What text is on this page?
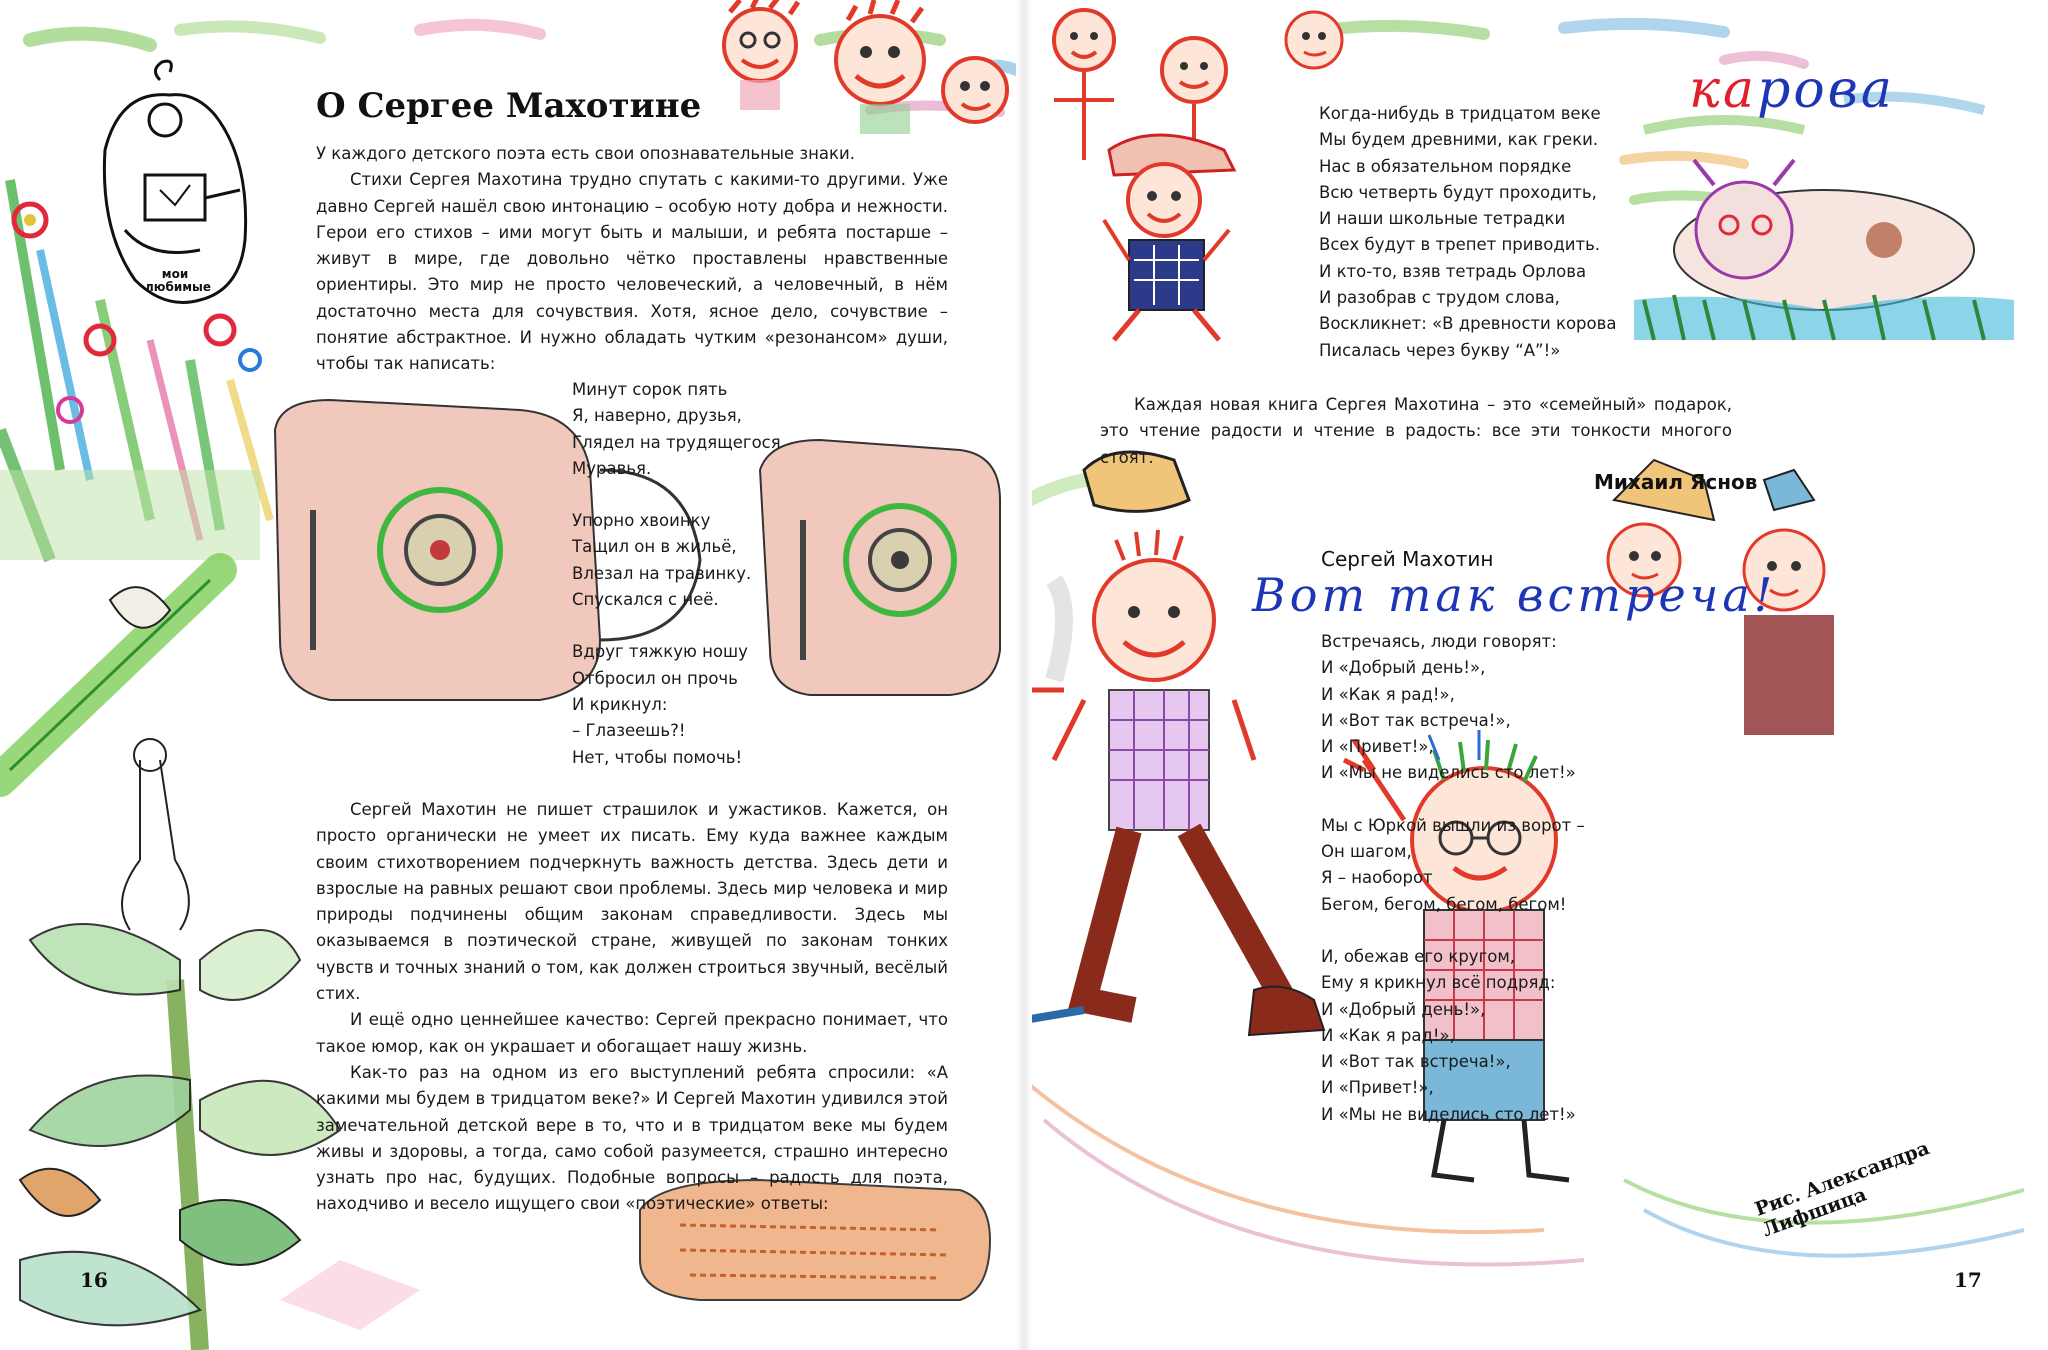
мои
любимые
О Сергее Махотине

У каждого детского поэта есть свои опознавательные знаки.

Стихи Сергея Махотина трудно спутать с какими-то другими. Уже давно Сергей нашёл свою интонацию – особую ноту добра и нежности. Герои его стихов – ими могут быть и малыши, и ребята постарше – живут в мире, где довольно чётко проставлены нравственные ориентиры. Это мир не просто человеческий, а человечный, в нём достаточно места для сочувствия. Хотя, ясное дело, сочувствие – понятие абстрактное. И нужно обладать чутким «резонансом» души, чтобы так написать:

Минут сорок пять
Я, наверно, друзья,
Глядел на трудящегося
Муравья.
Упорно хвоинку
Тащил он в жильё,
Влезал на травинку.
Спускался с неё.
Вдруг тяжкую ношу
Отбросил он прочь
И крикнул:
– Глазеешь?!
Нет, чтобы помочь!

Сергей Махотин не пишет страшилок и ужастиков. Кажется, он просто органически не умеет их писать. Ему куда важнее каждым своим стихотворением подчеркнуть важность детства. Здесь дети и взрослые на равных решают свои проблемы. Здесь мир человека и мир природы подчинены общим законам справедливости. Здесь мы оказываемся в поэтической стране, живущей по законам тонких чувств и точных знаний о том, как должен строиться звучный, весёлый стих.

И ещё одно ценнейшее качество: Сергей прекрасно понимает, что такое юмор, как он украшает и обогащает нашу жизнь.

Как-то раз на одном из его выступлений ребята спросили: «А какими мы будем в тридцатом веке?» И Сергей Махотин удивился этой замечательной детской вере в то, что и в тридцатом веке мы будем живы и здоровы, а тогда, само собой разумеется, страшно интересно узнать про нас, будущих. Подобные вопросы – радость для поэта, находчиво и весело ищущего свои «поэтические» ответы:

16
Когда-нибудь в тридцатом веке
Мы будем древними, как греки.
Нас в обязательном порядке
Всю четверть будут проходить,
И наши школьные тетрадки
Всех будут в трепет приводить.
И кто-то, взяв тетрадь Орлова
И разобрав с трудом слова,
Воскликнет: «В древности корова
Писалась через букву “А”!»
карова

Каждая новая книга Сергея Махотина – это «семейный» подарок, это чтение радости и чтение в радость: все эти тонкости многого стоят.

Михаил Яснов
Сергей Махотин
Вот так встреча!
Встречаясь, люди говорят:
И «Добрый день!»,
И «Как я рад!»,
И «Вот так встреча!»,
И «Привет!»,
И «Мы не виделись сто лет!»
Мы с Юркой вышли из ворот –
Он шагом,
Я – наоборот
Бегом, бегом, бегом, бегом!
И, обежав его кругом,
Ему я крикнул всё подряд:
И «Добрый день!»,
И «Как я рад!»,
И «Вот так встреча!»,
И «Привет!»,
И «Мы не виделись сто лет!»
Рис. Александра Лифшица
17
